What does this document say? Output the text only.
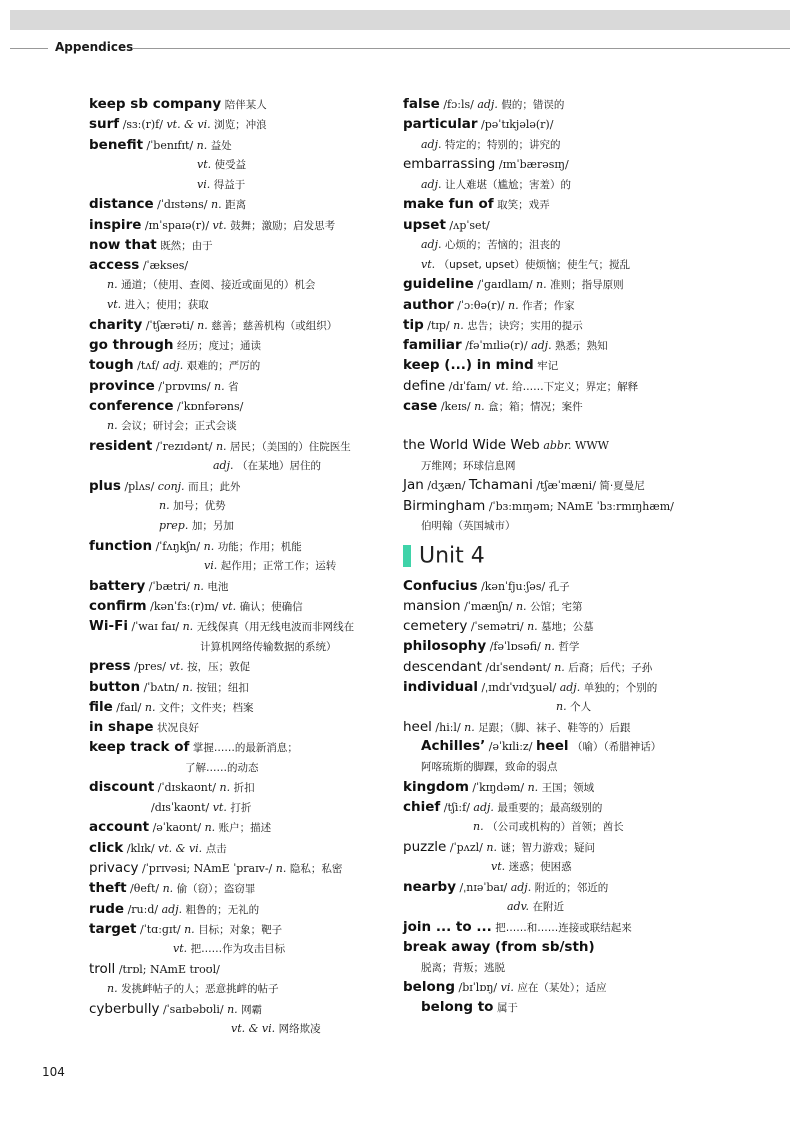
Appendices
keep sb company 陪伴某人
surf /sɜː(r)f/ vt. & vi. 浏览；冲浪
benefit /ˈbenɪfɪt/ n. 益处
vt. 使受益
vi. 得益于
distance /ˈdɪstəns/ n. 距离
inspire /ɪnˈspaɪə(r)/ vt. 鼓舞；激励；启发思考
now that 既然；由于
access /ˈækses/
n. 通道；（使用、查阅、接近或面见的）机会
vt. 进入；使用；获取
charity /ˈtʃærəti/ n. 慈善；慈善机构（或组织）
go through 经历；度过；通读
tough /tʌf/ adj. 艰难的；严厉的
province /ˈprɒvɪns/ n. 省
conference /ˈkɒnfərəns/
n. 会议；研讨会；正式会谈
resident /ˈrezɪdənt/ n. 居民；（美国的）住院医生
adj. （在某地）居住的
plus /plʌs/ conj. 而且；此外
n. 加号；优势
prep. 加；另加
function /ˈfʌŋkʃn/ n. 功能；作用；机能
vi. 起作用；正常工作；运转
battery /ˈbætri/ n. 电池
confirm /kənˈfɜː(r)m/ vt. 确认；使确信
Wi-Fi /ˈwaɪ faɪ/ n. 无线保真（用无线电波而非网线在
计算机网络传输数据的系统）
press /pres/ vt. 按，压；敦促
button /ˈbʌtn/ n. 按钮；纽扣
file /faɪl/ n. 文件；文件夹；档案
in shape 状况良好
keep track of 掌握……的最新消息；
了解……的动态
discount /ˈdɪskaʊnt/ n. 折扣
/dɪsˈkaʊnt/ vt. 打折
account /əˈkaʊnt/ n. 账户；描述
click /klɪk/ vt. & vi. 点击
privacy /ˈprɪvəsi; NAmE ˈpraɪv-/ n. 隐私；私密
theft /θeft/ n. 偷（窃）；盗窃罪
rude /ruːd/ adj. 粗鲁的；无礼的
target /ˈtɑːɡɪt/ n. 目标；对象；靶子
vt. 把……作为攻击目标
troll /trɒl; NAmE troʊl/
n. 发挑衅帖子的人；恶意挑衅的帖子
cyberbully /ˈsaɪbəbʊli/ n. 网霸
vt. & vi. 网络欺凌
false /fɔːls/ adj. 假的；错误的
particular /pəˈtɪkjələ(r)/
adj. 特定的；特别的；讲究的
embarrassing /ɪmˈbærəsɪŋ/
adj. 让人难堪（尴尬；害羞）的
make fun of 取笑；戏弄
upset /ʌpˈset/
adj. 心烦的；苦恼的；沮丧的
vt. （upset, upset）使烦恼；使生气；搅乱
guideline /ˈɡaɪdlaɪn/ n. 准则；指导原则
author /ˈɔːθə(r)/ n. 作者；作家
tip /tɪp/ n. 忠告；诀窍；实用的提示
familiar /fəˈmɪliə(r)/ adj. 熟悉；熟知
keep (...) in mind 牢记
define /dɪˈfaɪn/ vt. 给……下定义；界定；解释
case /keɪs/ n. 盒；箱；情况；案件
the World Wide Web abbr. WWW
万维网；环球信息网
Jan /dʒæn/ Tchamani /tʃæˈmæni/ 简·夏曼尼
Birmingham /ˈbɜːmɪŋəm; NAmE ˈbɜːrmɪŋhæm/
伯明翰（英国城市）
Unit 4
Confucius /kənˈfjuːʃəs/ 孔子
mansion /ˈmænʃn/ n. 公馆；宅第
cemetery /ˈsemətri/ n. 墓地；公墓
philosophy /fəˈlɒsəfi/ n. 哲学
descendant /dɪˈsendənt/ n. 后裔；后代；子孙
individual /ˌɪndɪˈvɪdʒuəl/ adj. 单独的；个别的
n. 个人
heel /hiːl/ n. 足跟；（脚、袜子、鞋等的）后跟
Achilles’ /əˈkɪliːz/ heel （喻）（希腊神话）
阿喀琉斯的脚踝，致命的弱点
kingdom /ˈkɪŋdəm/ n. 王国；领域
chief /tʃiːf/ adj. 最重要的；最高级别的
n. （公司或机构的）首领；酋长
puzzle /ˈpʌzl/ n. 谜；智力游戏；疑问
vt. 迷惑；使困惑
nearby /ˌnɪəˈbaɪ/ adj. 附近的；邻近的
adv. 在附近
join ... to ... 把……和……连接或联结起来
break away (from sb/sth)
脱离；背叛；逃脱
belong /bɪˈlɒŋ/ vi. 应在（某处）；适应
belong to 属于
104
